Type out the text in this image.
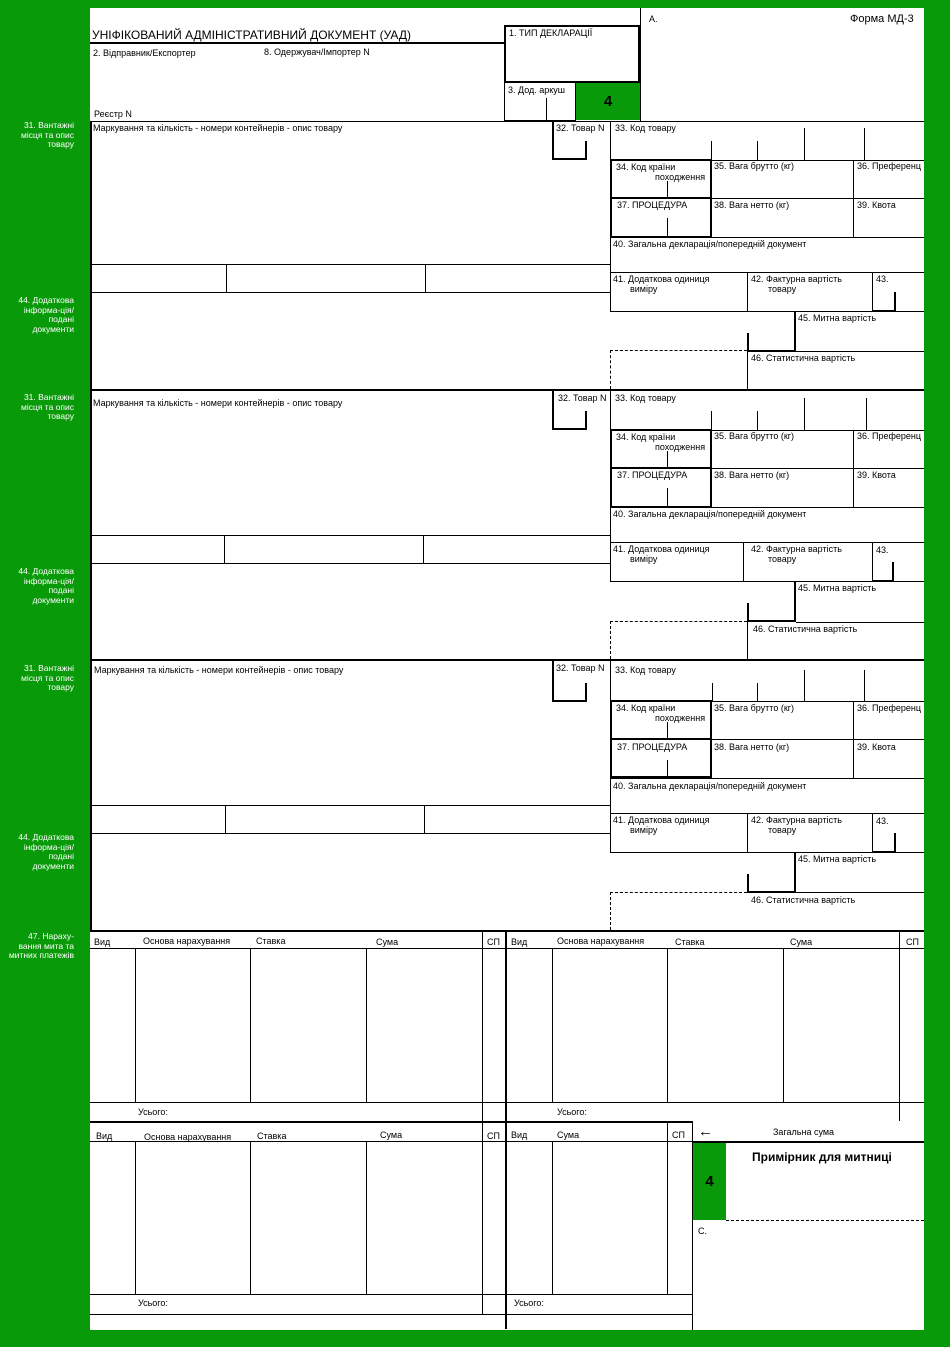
УНІФІКОВАНИЙ АДМІНІСТРАТИВНИЙ ДОКУМЕНТ (УАД)
2. Відправник/Експортер	8. Одержувач/Імпортер N
Реєстр N
1. ТИП ДЕКЛАРАЦІЇ
3. Дод. аркуш
4
А.	Форма МД-3
31. Вантажні місця та опис товару
44. Додаткова інформа-ція/подані документи
31. Вантажні місця та опис товару
44. Додаткова інформа-ція/подані документи
31. Вантажні місця та опис товару
44. Додаткова інформа-ція/подані документи
47. Нараху-вання мита та митних платежів
Маркування та кількість - номери контейнерів - опис товару	32. Товар N 33. Код товару
34. Код країни
походження
35. Вага брутто (кг)	36. Преференц
37. ПРОЦЕДУРА	38. Вага нетто (кг)	39. Квота
40. Загальна декларація/попередній документ
41. Додаткова одиниця
виміру
42. Фактурна вартість
товару
43.
45. Митна вартість
46. Статистична вартість
Маркування та кількість - номери контейнерів - опис товару	32. Товар N 33. Код товару
34. Код країни
походження
35. Вага брутто (кг)	36. Преференц
37. ПРОЦЕДУРА	38. Вага нетто (кг)	39. Квота
40. Загальна декларація/попередній документ
41. Додаткова одиниця
виміру
42. Фактурна вартість
товару
43.
45. Митна вартість
46. Статистична вартість
Маркування та кількість - номери контейнерів - опис товару	32. Товар N 33. Код товару
34. Код країни
походження
35. Вага брутто (кг)	36. Преференц
37. ПРОЦЕДУРА	38. Вага нетто (кг)	39. Квота
40. Загальна декларація/попередній документ
41. Додаткова одиниця
виміру
42. Фактурна вартість
товару
43.
45. Митна вартість
46. Статистична вартість
Вид	Основа нарахування	Ставка	Сума	СП
Усього:
Вид	Основа нарахування	Ставка	Сума	СП
Усього:
Вид	Основа нарахування	Ставка	Сума	СП
Усього:
Вид	Сума	СП
Усього:
←	Загальна сума
4
Примірник для митниці
С.
